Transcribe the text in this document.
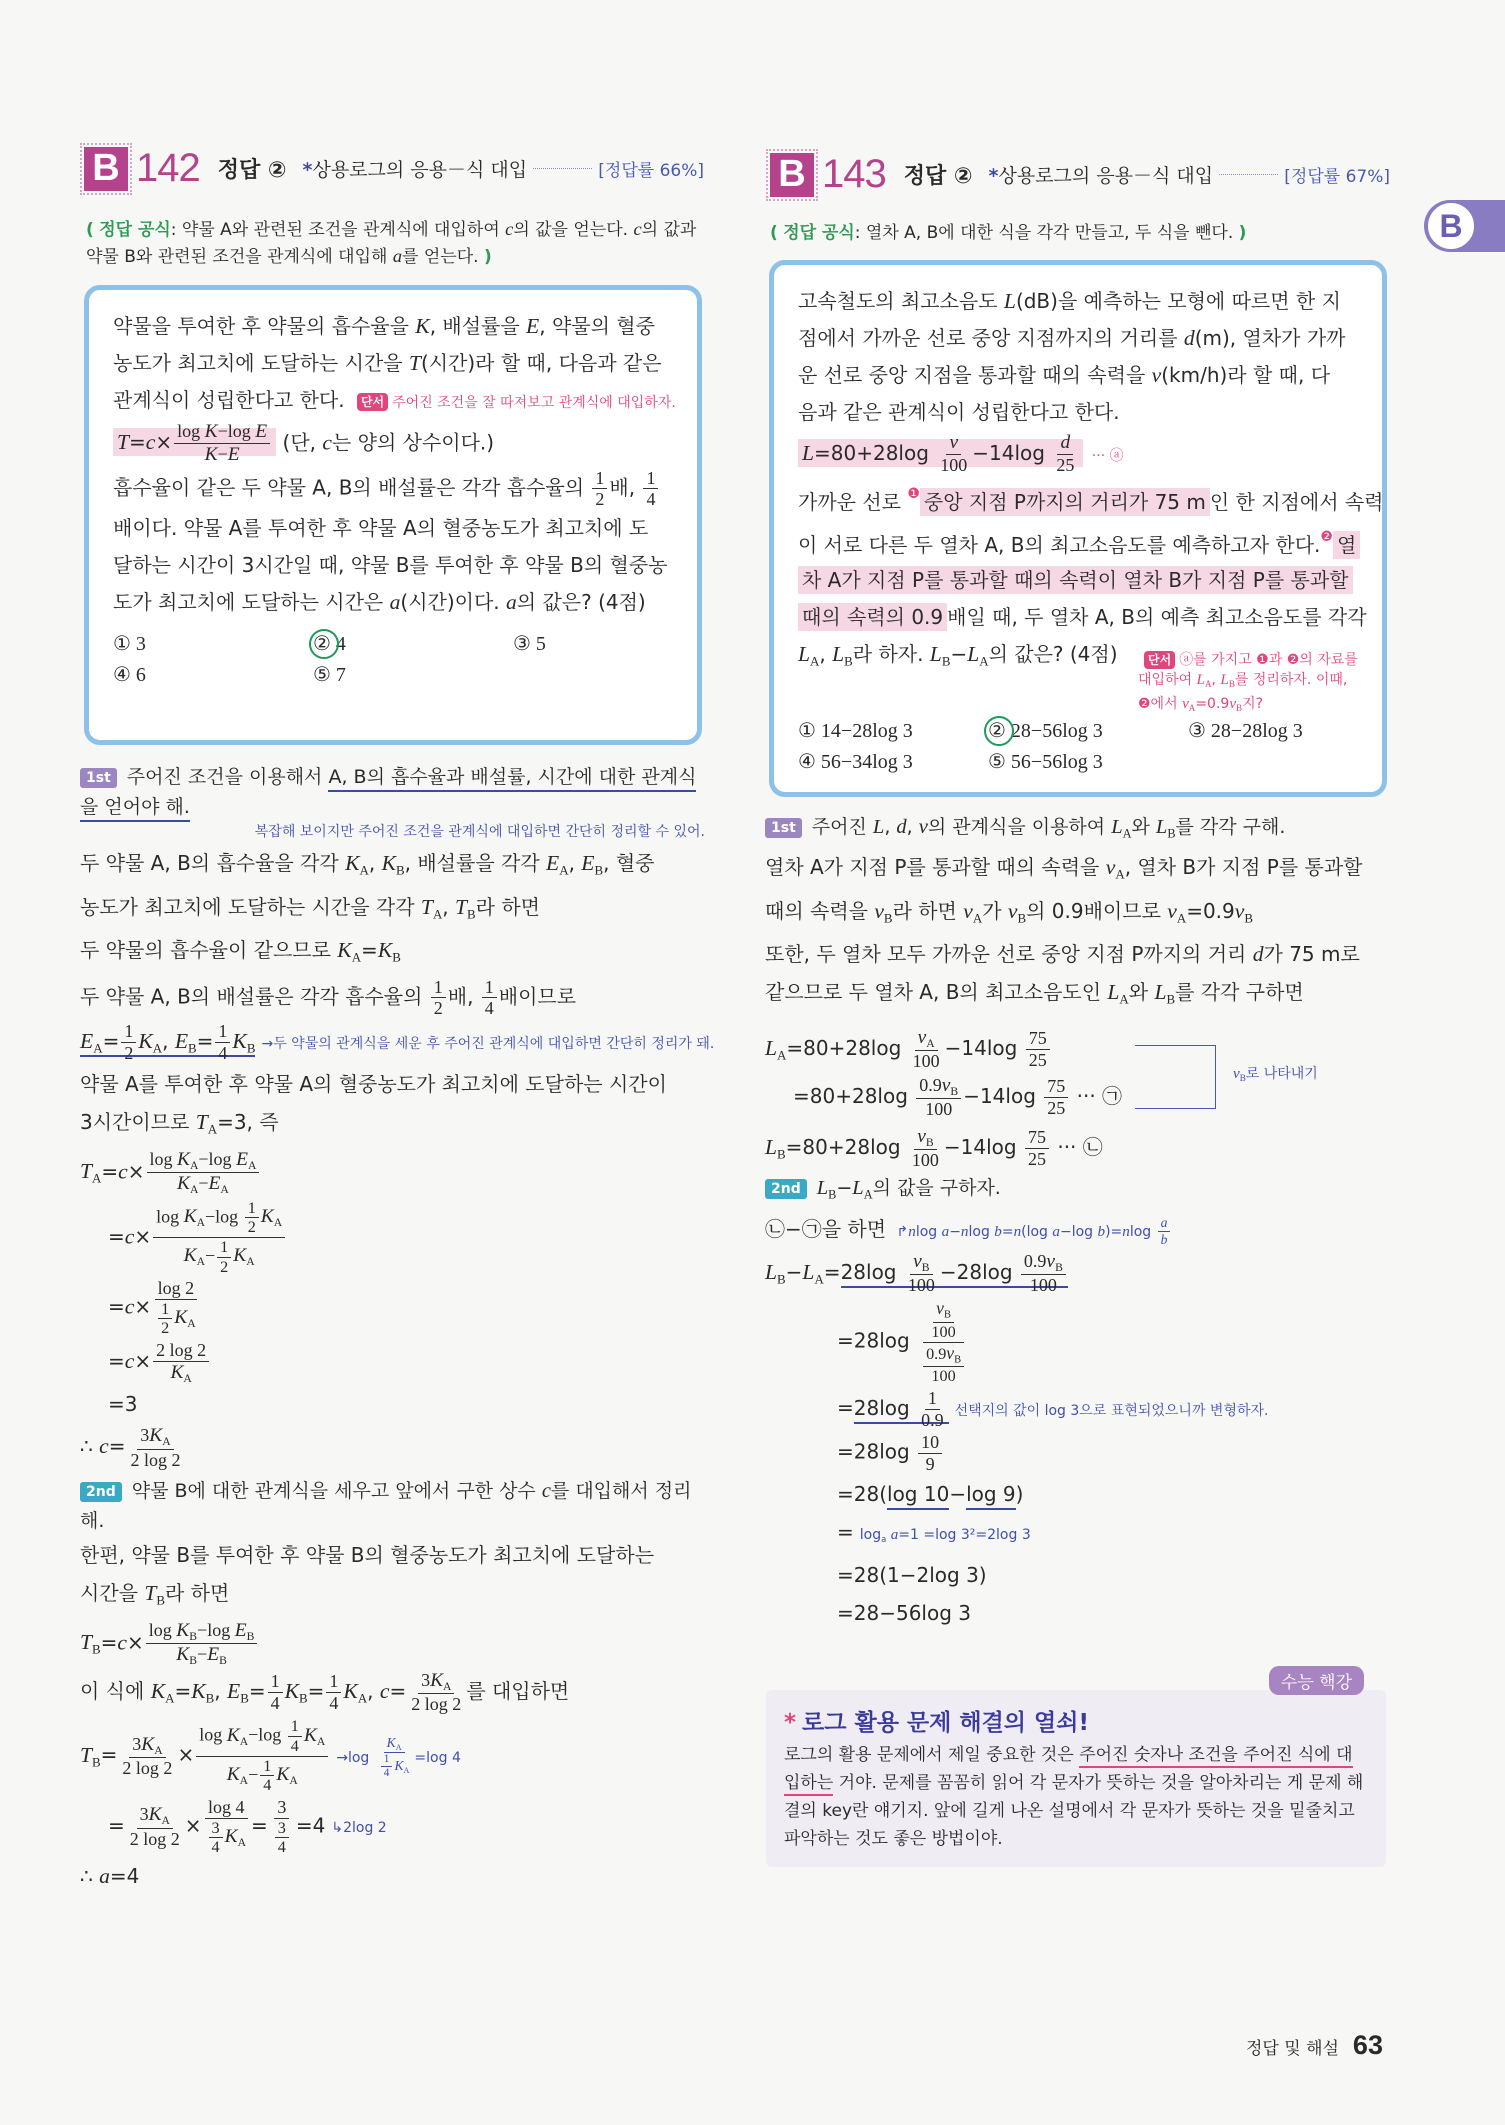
B
B 142 정답 ② *상용로그의 응용－식 대입	[정답률 66%]
( 정답 공식: 약물 A와 관련된 조건을 관계식에 대입하여 c의 값을 얻는다. c의 값과 약물 B와 관련된 조건을 관계식에 대입해 a를 얻는다. )
약물을 투여한 후 약물의 흡수율을 K, 배설률을 E, 약물의 혈중
농도가 최고치에 도달하는 시간을 T(시간)라 할 때, 다음과 같은
관계식이 성립한다고 한다. 단서 주어진 조건을 잘 따져보고 관계식에 대입하자.
$T=c\times \frac{\text{log K−log E}}{K-E}$ (단, c는 양의 상수이다.)
흡수율이 같은 두 약물 A, B의 배설률은 각각 흡수율의 $\frac{1}{2}$ 배, $\frac{1}{4}$
배이다. 약물 A를 투여한 후 약물 A의 혈중농도가 최고치에 도
달하는 시간이 3시간일 때, 약물 B를 투여한 후 약물 B의 혈중농
도가 최고치에 도달하는 시간은 a(시간)이다. a의 값은? (4점)
① 3	② 4	③ 5
④ 6	⑤ 7
1st 주어진 조건을 이용해서 A, B의 흡수율과 배설률, 시간에 대한 관계식을 얻어야 해.
복잡해 보이지만 주어진 조건을 관계식에 대입하면 간단히 정리할 수 있어.
두 약물 A, B의 흡수율을 각각 $K_A$, $K_B$, 배설률을 각각 $E_A$, $E_B$, 혈중
농도가 최고치에 도달하는 시간을 각각 $T_A$, $T_B$라 하면
두 약물의 흡수율이 같으므로 $K_A=K_B$
두 약물 A, B의 배설률은 각각 흡수율의 $\frac{1}{2}$ 배, $\frac{1}{4}$ 배이므로
$E_A= \frac{1}{2} K_A$, $E_B= \frac{1}{4} K_B$ →두 약물의 관계식을 세운 후 주어진 관계식에 대입하면 간단히 정리가 돼.
약물 A를 투여한 후 약물 A의 혈중농도가 최고치에 도달하는 시간이
3시간이므로 $T_A=3$, 즉
$T_A=c\times \frac{\log K_A-\log E_A}{K_A-E_A}$
$=c\times \frac{\log K_A-\log \frac{1}{2} K_A}{K_A- \frac{1}{2} K_A}$
$=c\times \frac{\log 2}{\frac{1}{2} K_A}$
$=c\times \frac{2 \log 2}{K_A}$
=3
∴ $c= \frac{3K_A}{2 \log 2}$
2nd 약물 B에 대한 관계식을 세우고 앞에서 구한 상수 c를 대입해서 정리해.
한편, 약물 B를 투여한 후 약물 B의 혈중농도가 최고치에 도달하는
시간을 $T_B$라 하면
$T_B=c\times \frac{\log K_B-\log E_B}{K_B-E_B}$
이 식에 $K_A=K_B$, $E_B= \frac{1}{4} K_B= \frac{1}{4} K_A$, $c= \frac{3K_A}{2 \log 2}$ 를 대입하면
$T_B= \frac{3K_A}{2 \log 2} \times \frac{\log K_A-\log \frac{1}{4} K_A}{K_A- \frac{1}{4} K_A} \to\log \frac{K_A}{\frac{1}{4} K_A} =\log$ 4
= $\frac{3K_A}{2 \log 2} \times \frac{\log 4}{\frac{3}{4} K_A} = \frac{3}{\frac{3}{4}} =4$ ↳2log 2
∴ a=4
B 143 정답 ② *상용로그의 응용－식 대입	[정답률 67%]
( 정답 공식: 열차 A, B에 대한 식을 각각 만들고, 두 식을 뺀다. )
고속철도의 최고소음도 L(dB)을 예측하는 모형에 따르면 한 지
점에서 가까운 선로 중앙 지점까지의 거리를 d(m), 열차가 가까
운 선로 중앙 지점을 통과할 때의 속력을 v(km/h)라 할 때, 다
음과 같은 관계식이 성립한다고 한다.
$L=80+28\log \frac{v}{100} -14\log \frac{d}{25}$ ··· ⓐ
가까운 선로 $^❶$ 중앙 지점 P까지의 거리가 75 m 인 한 지점에서 속력
이 서로 다른 두 열차 A, B의 최고소음도를 예측하고자 한다.$^❷$ 열
차 A가 지점 P를 통과할 때의 속력이 열차 B가 지점 P를 통과할
때의 속력의 0.9 배일 때, 두 열차 A, B의 예측 최고소음도를 각각
$L_A$, $L_B$라 하자. $L_B-L_A$의 값은? (4점)	단서 ⓐ를 가지고 ❶과 ❷의 자료를 대입하여 $L_A$, $L_B$를 정리하자. 이때, ❷에서 $v_A=0.9v_B$지?
① 14−28log 3	② 28−56log 3	③ 28−28log 3
④ 56−34log 3	⑤ 56−56log 3
1st 주어진 L, d, v의 관계식을 이용하여 $L_A$와 $L_B$를 각각 구해.
열차 A가 지점 P를 통과할 때의 속력을 $v_A$, 열차 B가 지점 P를 통과할
때의 속력을 $v_B$라 하면 $v_A$가 $v_B$의 0.9배이므로 $v_A=0.9v_B$
또한, 두 열차 모두 가까운 선로 중앙 지점 P까지의 거리 d가 75 m로
같으므로 두 열차 A, B의 최고소음도인 $L_A$와 $L_B$를 각각 구하면
$L_A=80+28\log \frac{v_A}{100} -14\log \frac{75}{25}$
$=80+28\log \frac{0.9v_B}{100} -14\log \frac{75}{25}$ ··· ㉠
$v_B$로 나타내기
$L_B=80+28\log \frac{v_B}{100} -14\log \frac{75}{25}$ ··· ㉡
2nd $L_B-L_A$의 값을 구하자.
㉡−㉠을 하면 ↱nlog a−nlog b=n(log a−log $b)=nlog \frac{a}{b}$
$L_B-L_A=28\log \frac{v_B}{100} -28\log \frac{0.9v_B}{100}$
$=28\log \frac{\frac{v_B}{100}}{\frac{0.9v_B}{100}}$
$=28\log \frac{1}{0.9}$ 선택지의 값이 log 3으로 표현되었으니까 변형하자.
$=28\log \frac{10}{9}$
=28(log 10−log 9)
= $\log_a a=1 =\log$ 3²=2log 3
=28(1−2log 3)
=28−56log 3
수능 핵강
* 로그 활용 문제 해결의 열쇠!
로그의 활용 문제에서 제일 중요한 것은 주어진 숫자나 조건을 주어진 식에 대입하는 거야. 문제를 꼼꼼히 읽어 각 문자가 뜻하는 것을 알아차리는 게 문제 해결의 key란 얘기지. 앞에 길게 나온 설명에서 각 문자가 뜻하는 것을 밑줄치고 파악하는 것도 좋은 방법이야.
정답 및 해설 63
